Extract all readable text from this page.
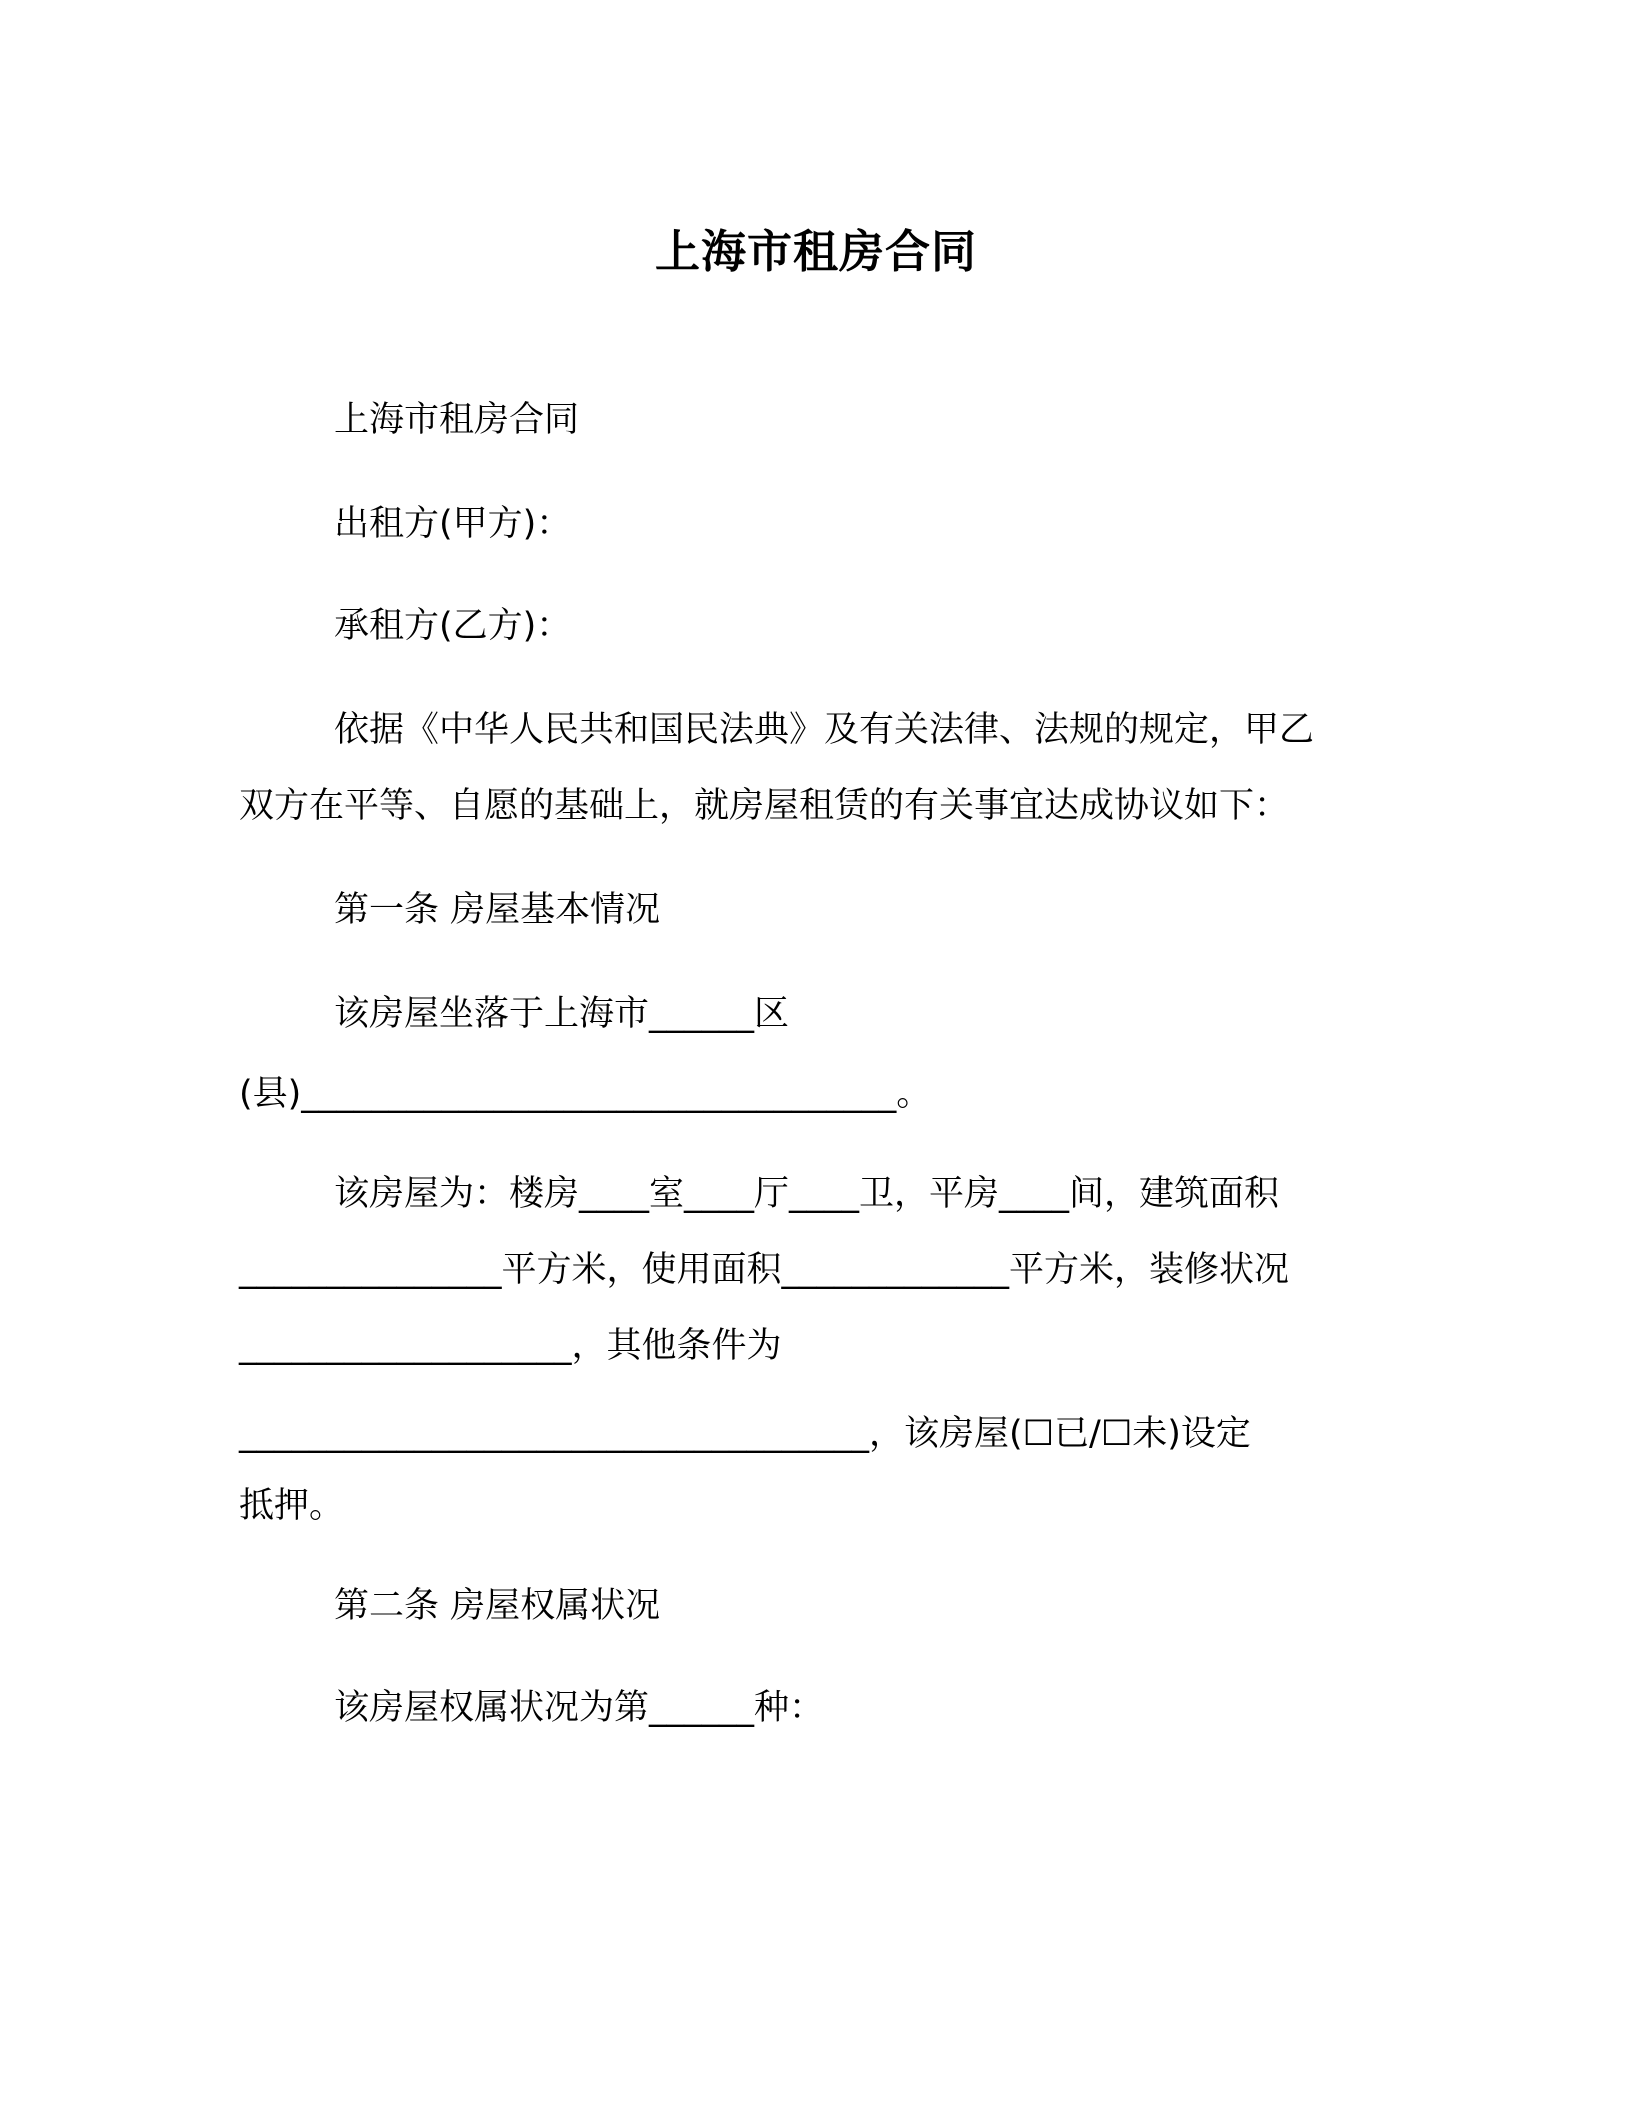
上海市租房合同
上海市租房合同
出租方(甲方)：
承租方(乙方)：
依据《中华人民共和国民法典》及有关法律、法规的规定，甲乙
双方在平等、自愿的基础上，就房屋租赁的有关事宜达成协议如下：
第一条 房屋基本情况
该房屋坐落于上海市______区
(县)__________________________________。
该房屋为：楼房____室____厅____卫，平房____间，建筑面积
_______________平方米，使用面积_____________平方米，装修状况
___________________，其他条件为
____________________________________，该房屋(☐已/☐未)设定
抵押。
第二条 房屋权属状况
该房屋权属状况为第______种：
